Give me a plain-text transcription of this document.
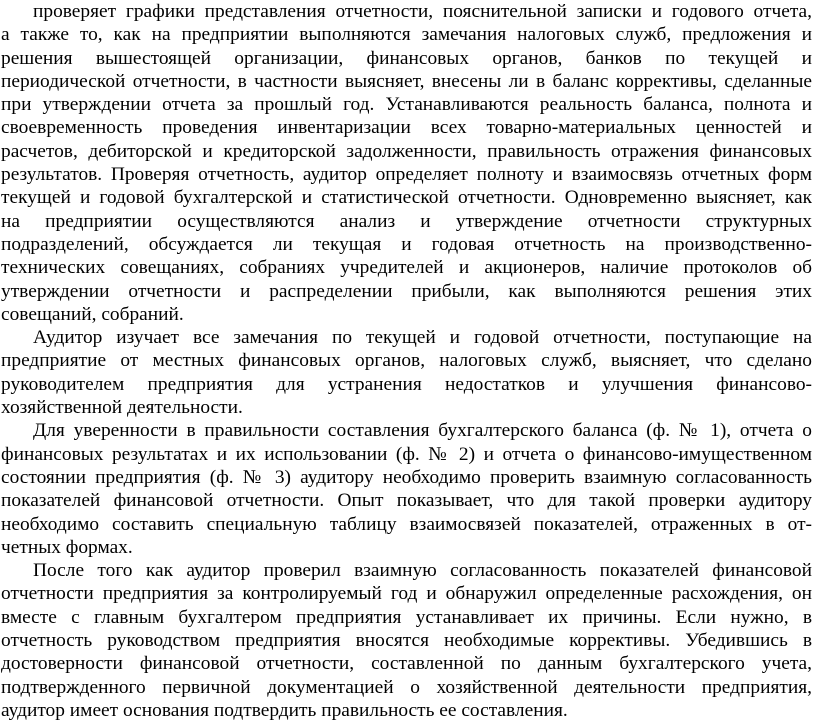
проверяет графики представления отчетности, пояснительной записки и годового отчета,
а также то, как на предприятии выполняются замечания налоговых служб, предложения и
решения вышестоящей организации, финансовых органов, банков по текущей и
периодической отчетности, в частности выясняет, внесены ли в баланс коррективы, сделанные
при утверждении отчета за прошлый год. Устанавливаются реальность баланса, полнота и
своевременность проведения инвентаризации всех товарно-материальных ценностей и
расчетов, дебиторской и кредиторской задолженности, правильность отражения финансовых
результатов. Проверяя отчетность, аудитор определяет полноту и взаимосвязь отчетных форм
текущей и годовой бухгалтерской и статистической отчетности. Одновременно выясняет, как
на предприятии осуществляются анализ и утверждение отчетности структурных
подразделений, обсуждается ли текущая и годовая отчетность на производственно-
технических совещаниях, собраниях учредителей и акционеров, наличие протоколов об
утверждении отчетности и распределении прибыли, как выполняются решения этих
совещаний, собраний.
Аудитор изучает все замечания по текущей и годовой отчетности, поступающие на
предприятие от местных финансовых органов, налоговых служб, выясняет, что сделано
руководителем предприятия для устранения недостатков и улучшения финансово-
хозяйственной деятельности.
Для уверенности в правильности составления бухгалтерского баланса (ф. № 1), отчета о
финансовых результатах и их использовании (ф. № 2) и отчета о финансово-имущественном
состоянии предприятия (ф. № 3) аудитору необходимо проверить взаимную согласованность
показателей финансовой отчетности. Опыт показывает, что для такой проверки аудитору
необходимо составить специальную таблицу взаимосвязей показателей, отраженных в от-
четных формах.
После того как аудитор проверил взаимную согласованность показателей финансовой
отчетности предприятия за контролируемый год и обнаружил определенные расхождения, он
вместе с главным бухгалтером предприятия устанавливает их причины. Если нужно, в
отчетность руководством предприятия вносятся необходимые коррективы. Убедившись в
достоверности финансовой отчетности, составленной по данным бухгалтерского учета,
подтвержденного первичной документацией о хозяйственной деятельности предприятия,
аудитор имеет основания подтвердить правильность ее составления.
